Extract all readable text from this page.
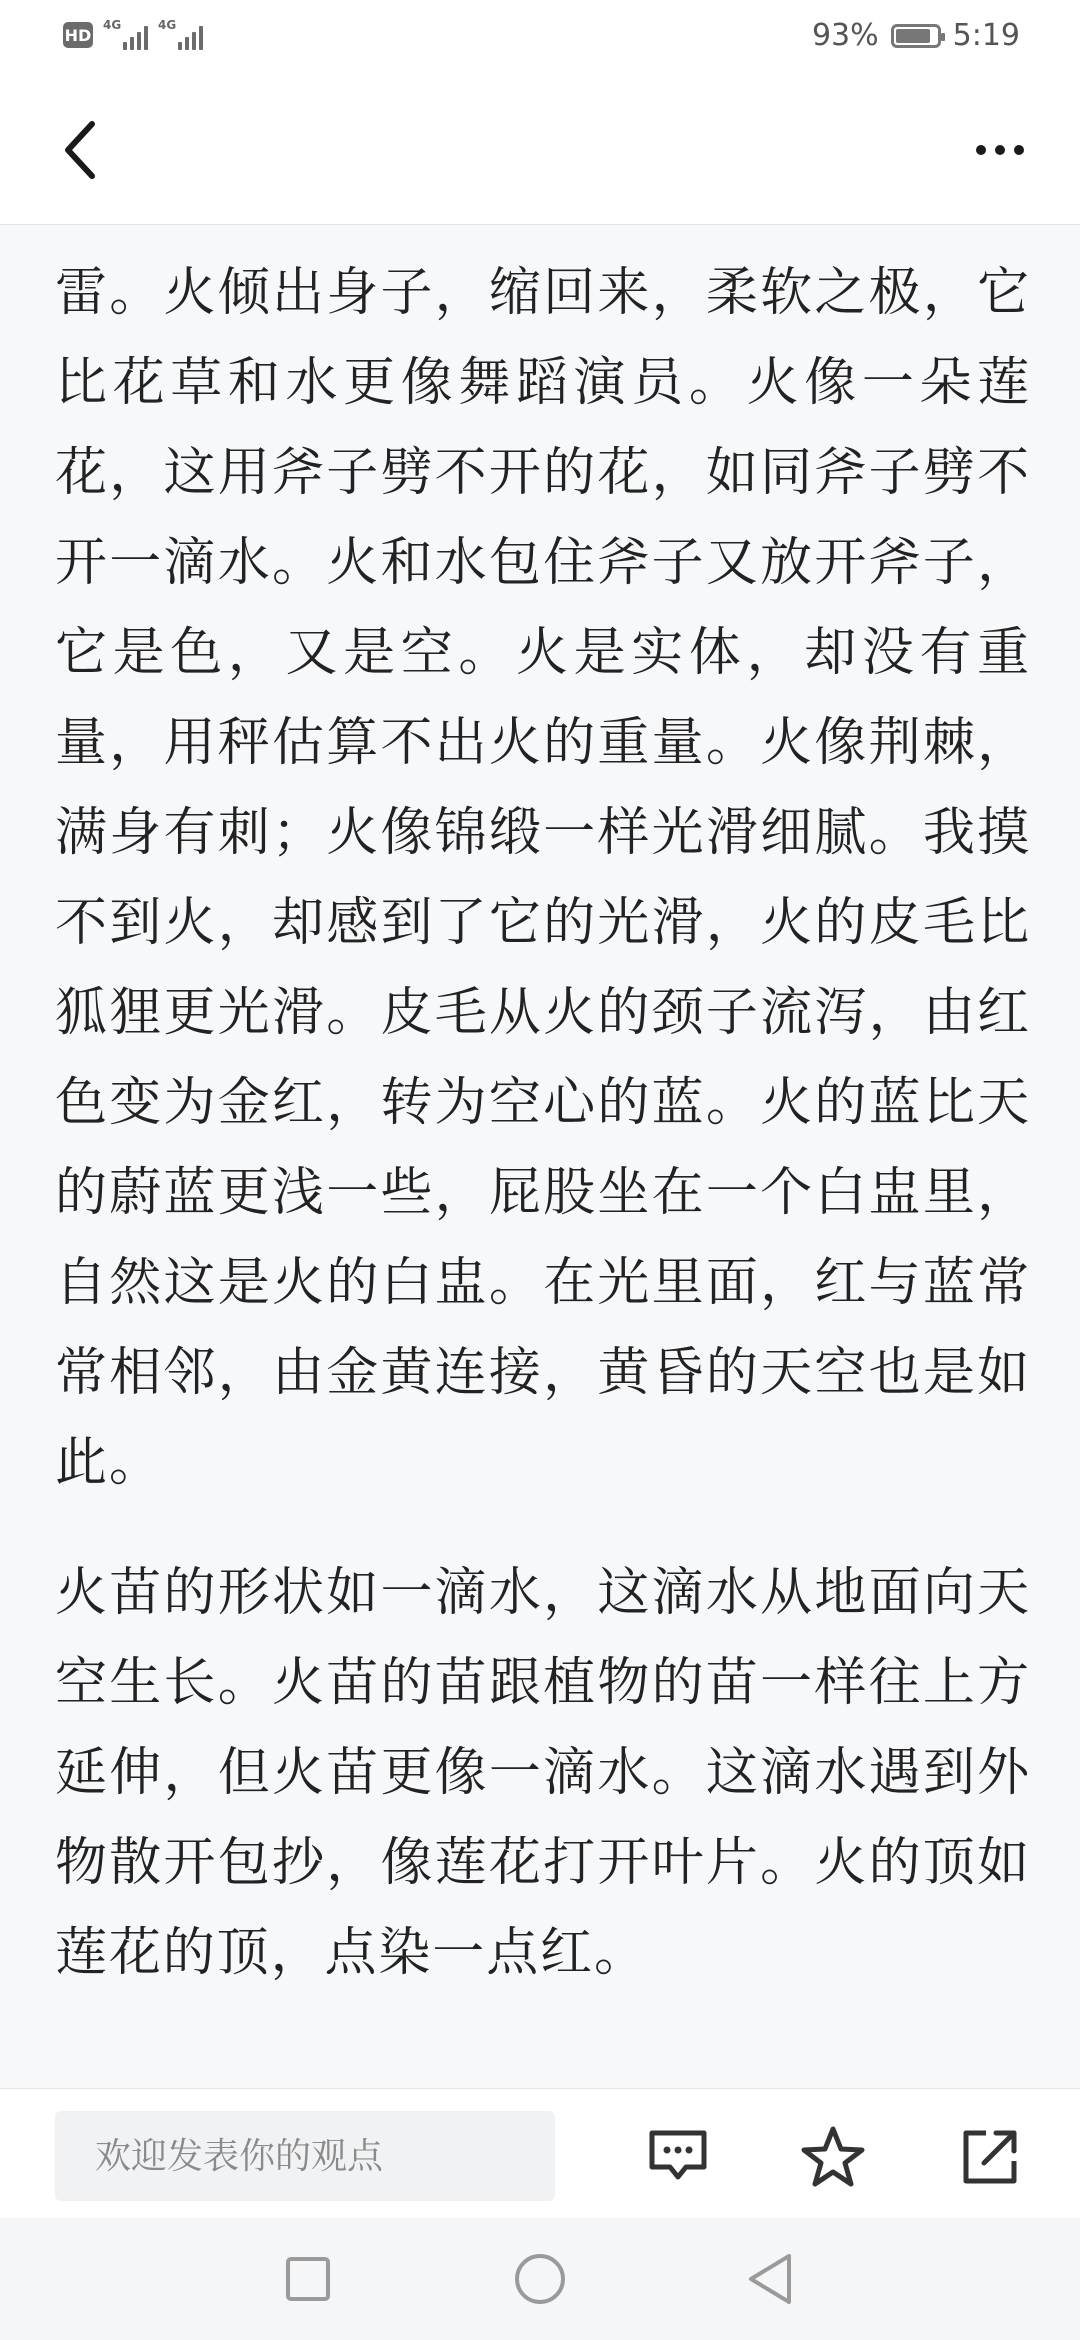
HD
4G	4G	93% 5:19

雷。火倾出身子，缩回来，柔软之极，它比花草和水更像舞蹈演员。火像一朵莲花，这用斧子劈不开的花，如同斧子劈不开一滴水。火和水包住斧子又放开斧子，它是色，又是空。火是实体，却没有重量，用秤估算不出火的重量。火像荆棘，满身有刺；火像锦缎一样光滑细腻。我摸不到火，却感到了它的光滑，火的皮毛比狐狸更光滑。皮毛从火的颈子流泻，由红色变为金红，转为空心的蓝。火的蓝比天的蔚蓝更浅一些，屁股坐在一个白盅里，自然这是火的白盅。在光里面，红与蓝常常相邻，由金黄连接，黄昏的天空也是如此。

火苗的形状如一滴水，这滴水从地面向天空生长。火苗的苗跟植物的苗一样往上方延伸，但火苗更像一滴水。这滴水遇到外物散开包抄，像莲花打开叶片。火的顶如莲花的顶，点染一点红。

欢迎发表你的观点
